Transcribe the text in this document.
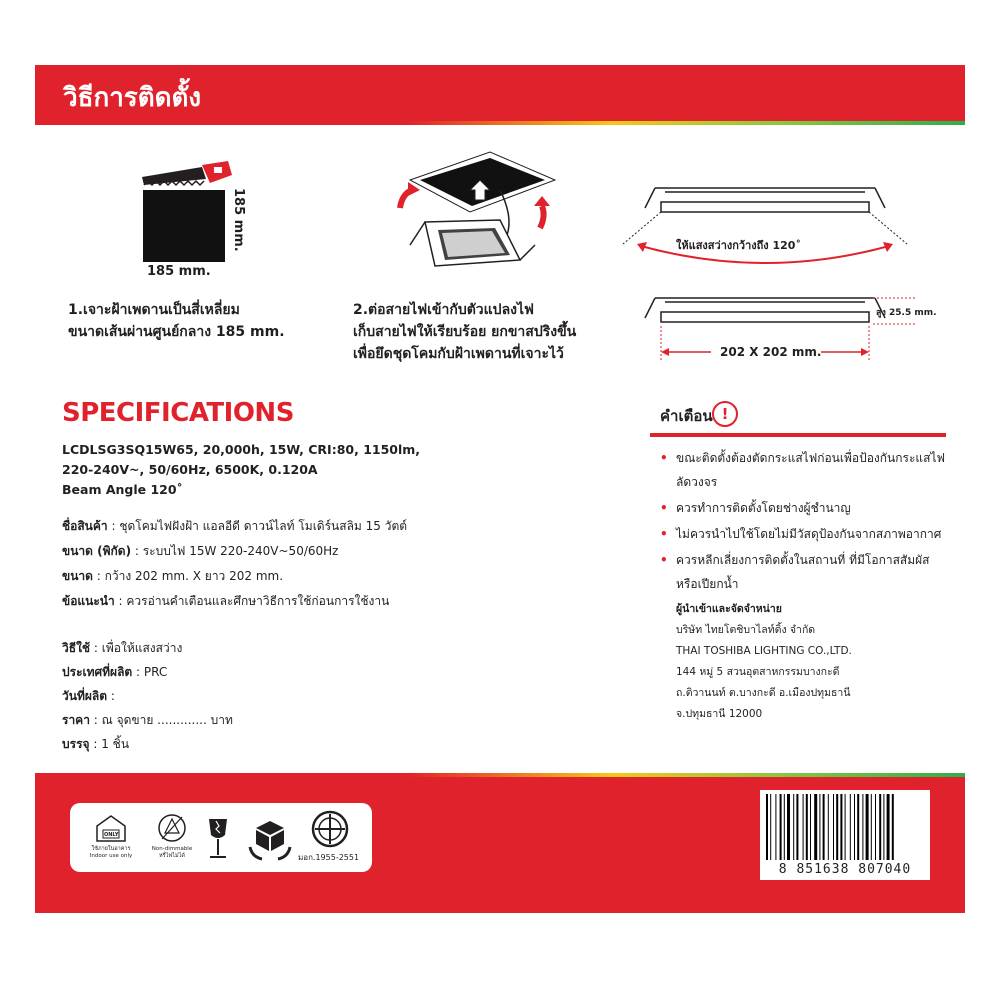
วิธีการติดตั้ง
185 mm.
185 mm.
1.เจาะฝ้าเพดานเป็นสี่เหลี่ยม
ขนาดเส้นผ่านศูนย์กลาง 185 mm.
2.ต่อสายไฟเข้ากับตัวแปลงไฟ
เก็บสายไฟให้เรียบร้อย ยกขาสปริงขึ้น
เพื่อยึดชุดโคมกับฝ้าเพดานที่เจาะไว้
ให้แสงสว่างกว้างถึง 120˚
202 X 202 mm.
สูง 25.5 mm.
SPECIFICATIONS
LCDLSG3SQ15W65, 20,000h, 15W, CRI:80, 1150lm,
220-240V~, 50/60Hz, 6500K, 0.120A
Beam Angle 120˚
ชื่อสินค้า : ชุดโคมไฟฝังฝ้า แอลอีดี ดาวน์ไลท์ โมเดิร์นสลิม 15 วัตต์
ขนาด (พิกัด) : ระบบไฟ 15W 220-240V~50/60Hz
ขนาด : กว้าง 202 mm. X ยาว 202 mm.
ข้อแนะนำ : ควรอ่านคำเตือนและศึกษาวิธีการใช้ก่อนการใช้งาน
วิธีใช้ : เพื่อให้แสงสว่าง
ประเทศที่ผลิต : PRC
วันที่ผลิต :
ราคา : ณ จุดขาย ............. บาท
บรรจุ : 1 ชิ้น
คำเตือน !
• ขณะติดตั้งต้องตัดกระแสไฟก่อนเพื่อป้องกันกระแสไฟลัดวงจร
• ควรทำการติดตั้งโดยช่างผู้ชำนาญ
• ไม่ควรนำไปใช้โดยไม่มีวัสดุป้องกันจากสภาพอากาศ
• ควรหลีกเลี่ยงการติดตั้งในสถานที่ ที่มีโอกาสสัมผัสหรือเปียกน้ำ
ผู้นำเข้าและจัดจำหน่าย
บริษัท ไทยโตชิบาไลท์ติ้ง จำกัด
THAI TOSHIBA LIGHTING CO.,LTD.
144 หมู่ 5 สวนอุตสาหกรรมบางกะดี
ถ.ติวานนท์ ต.บางกะดี อ.เมืองปทุมธานี
จ.ปทุมธานี 12000
ONLY
ใช้ภายในอาคาร
Indoor use only
Non-dimmable
หรี่ไฟไม่ได้	มอก.1955-2551
8 851638 807040
